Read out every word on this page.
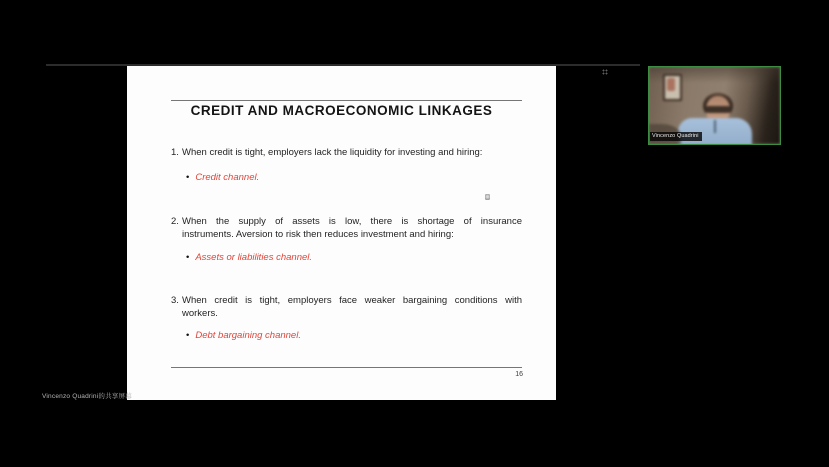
CREDIT AND MACROECONOMIC LINKAGES
1. When credit is tight, employers lack the liquidity for investing and hiring:
• Credit channel.
2. When the supply of assets is low, there is shortage of insurance
instruments. Aversion to risk then reduces investment and hiring:
• Assets or liabilities channel.
3. When credit is tight, employers face weaker bargaining conditions with
workers.
• Debt bargaining channel.
16
Vincenzo Quadrini
Vincenzo Quadrini的共享屏幕
